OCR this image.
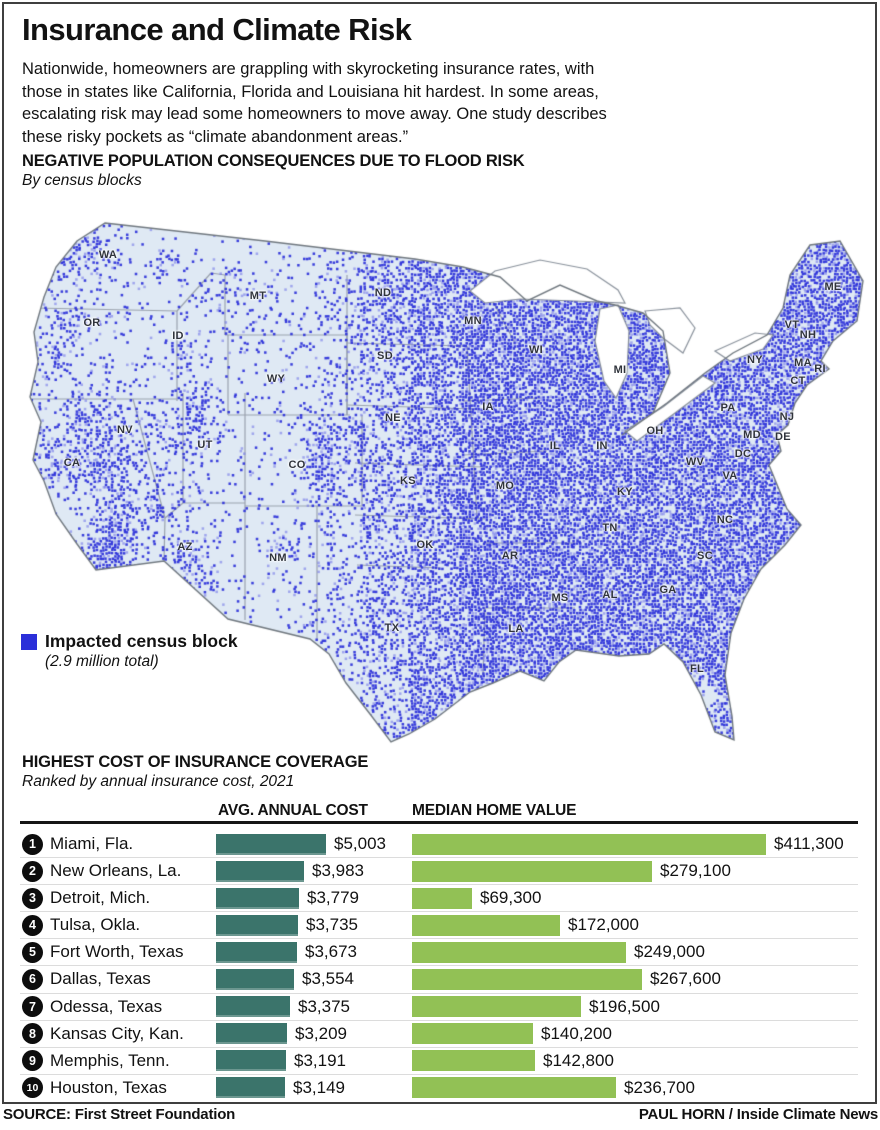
Insurance and Climate Risk
Nationwide, homeowners are grappling with skyrocketing insurance rates, with
those in states like California, Florida and Louisiana hit hardest. In some areas,
escalating risk may lead some homeowners to move away. One study describes
these risky pockets as “climate abandonment areas.”
NEGATIVE POPULATION CONSEQUENCES DUE TO FLOOD RISK
By census blocks
WA
OR
CA
NV
ID
MT
WY
UT
CO
AZ
NM
ND
SD
NE
KS
OK
TX
MN
IA
MO
AR
LA
WI
IL	IN
MI
OH
KY
TN
MS	AL	GA
FL
SC
NC
VA
WV
PA
NY
NJ
MD DE
DC
CT
RI
MA
VT
NH
ME
Impacted census block
(2.9 million total)
HIGHEST COST OF INSURANCE COVERAGE
Ranked by annual insurance cost, 2021
AVG. ANNUAL COST	MEDIAN HOME VALUE
1 Miami, Fla.	$5,003	$411,300
2 New Orleans, La.	$3,983	$279,100
3 Detroit, Mich.	$3,779	$69,300
4 Tulsa, Okla.	$3,735	$172,000
5 Fort Worth, Texas	$3,673	$249,000
6 Dallas, Texas	$3,554	$267,600
7 Odessa, Texas	$3,375	$196,500
8 Kansas City, Kan.	$3,209	$140,200
9 Memphis, Tenn.	$3,191	$142,800
10 Houston, Texas	$3,149	$236,700
SOURCE: First Street Foundation	PAUL HORN / Inside Climate News
